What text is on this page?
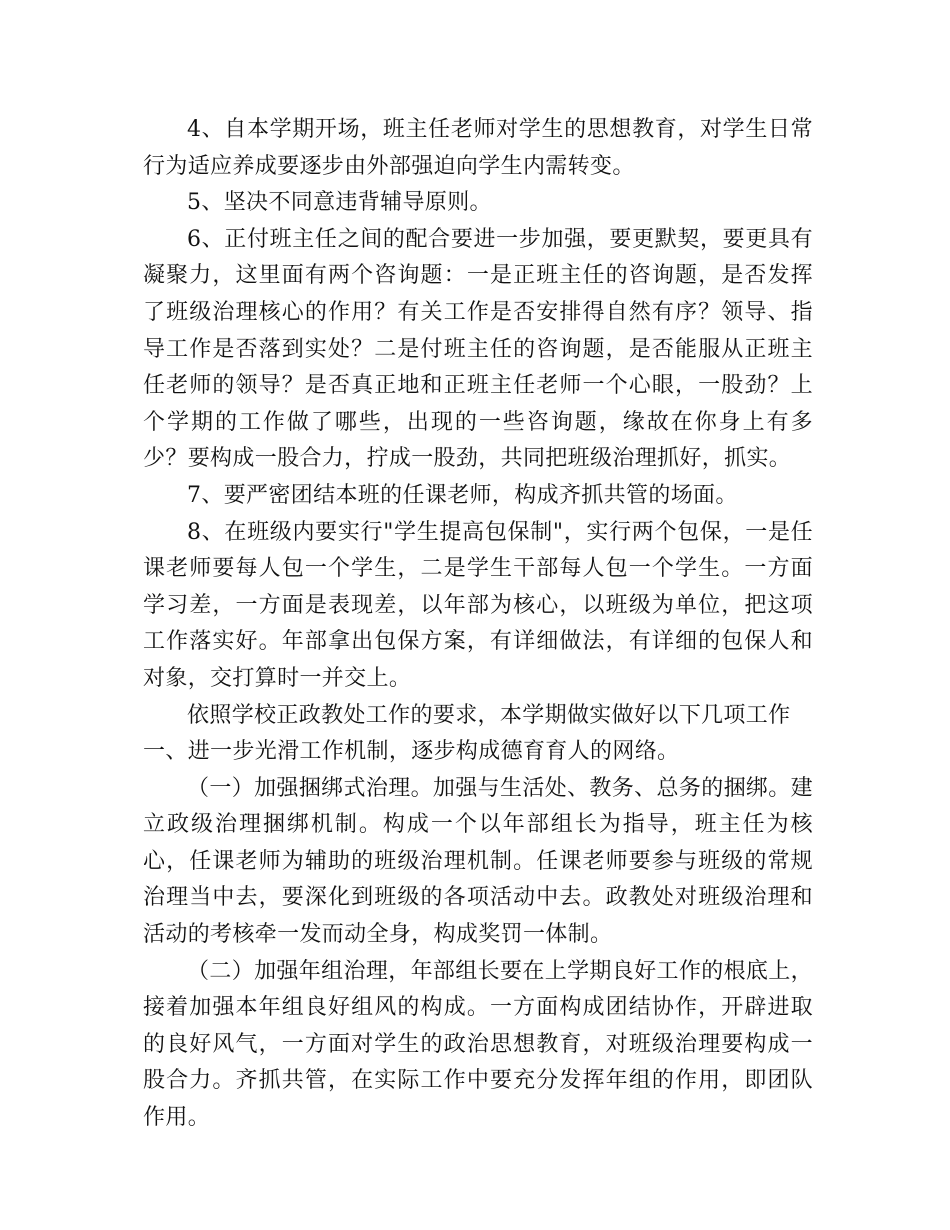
4、自本学期开场，班主任老师对学生的思想教育，对学生日常行为适应养成要逐步由外部强迫向学生内需转变。

5、坚决不同意违背辅导原则。

6、正付班主任之间的配合要进一步加强，要更默契，要更具有凝聚力，这里面有两个咨询题：一是正班主任的咨询题，是否发挥了班级治理核心的作用？有关工作是否安排得自然有序？领导、指导工作是否落到实处？二是付班主任的咨询题，是否能服从正班主任老师的领导？是否真正地和正班主任老师一个心眼，一股劲？上个学期的工作做了哪些，出现的一些咨询题，缘故在你身上有多少？要构成一股合力，拧成一股劲，共同把班级治理抓好，抓实。

7、要严密团结本班的任课老师，构成齐抓共管的场面。

8、在班级内要实行"学生提高包保制"，实行两个包保，一是任课老师要每人包一个学生，二是学生干部每人包一个学生。一方面学习差，一方面是表现差，以年部为核心，以班级为单位，把这项工作落实好。年部拿出包保方案，有详细做法，有详细的包保人和对象，交打算时一并交上。

依照学校正政教处工作的要求，本学期做实做好以下几项工作

一、进一步光滑工作机制，逐步构成德育育人的网络。

（一）加强捆绑式治理。加强与生活处、教务、总务的捆绑。建立政级治理捆绑机制。构成一个以年部组长为指导，班主任为核心，任课老师为辅助的班级治理机制。任课老师要参与班级的常规治理当中去，要深化到班级的各项活动中去。政教处对班级治理和活动的考核牵一发而动全身，构成奖罚一体制。

（二）加强年组治理，年部组长要在上学期良好工作的根底上，接着加强本年组良好组风的构成。一方面构成团结协作，开辟进取的良好风气，一方面对学生的政治思想教育，对班级治理要构成一股合力。齐抓共管，在实际工作中要充分发挥年组的作用，即团队作用。
